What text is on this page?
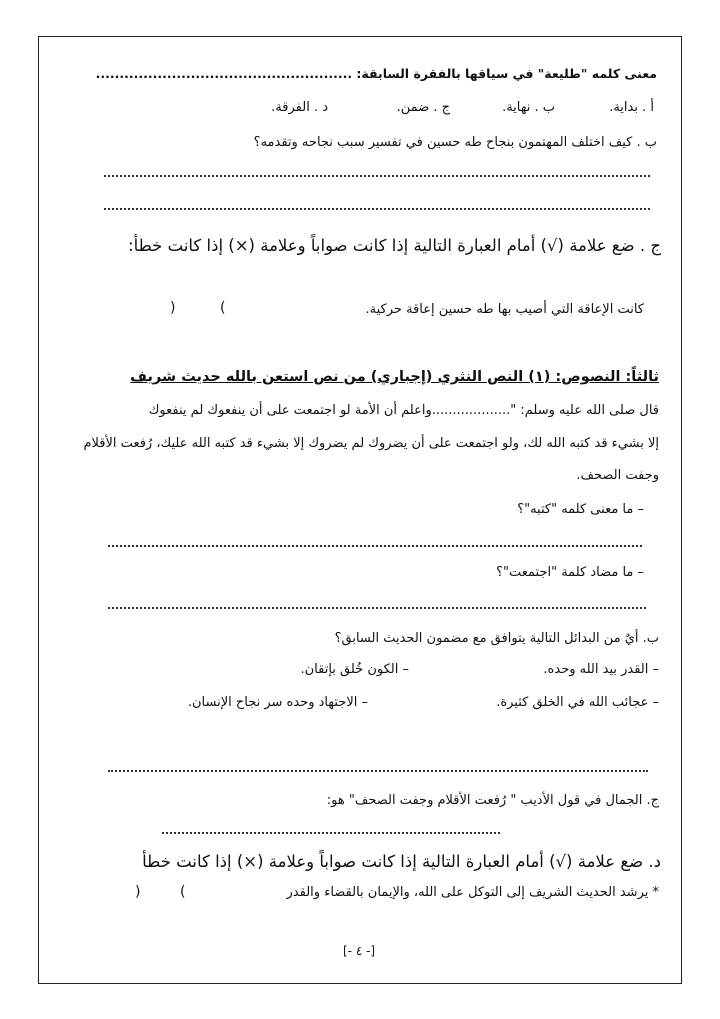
معنى كلمه "طليعة" في سياقها بالفقرة السابقة: ......................................................
أ . بداية.
ب . نهاية.
ج . ضمن.
د . الفرقة.
ب . كيف اختلف المهتمون بنجاح طه حسين في تفسير سبب نجاحه وتقدمه؟
ج . ضع علامة (√) أمام العبارة التالية إذا كانت صواباً وعلامة (×) إذا كانت خطأ:
كانت الإعاقة التي أصيب بها طه حسين إعاقة حركية.
(
)
ثالثاً: النصوص: (١) النص النثري (إجباري) من نص استعن بالله حديث شريف
قال صلى الله عليه وسلم: "...................واعلم أن الأمة لو اجتمعت على أن ينفعوك لم ينفعوك
إلا بشيء قد كتبه الله لك، ولو اجتمعت على أن يضروك لم يضروك إلا بشيء قد كتبه الله عليك، رُفعت الأقلام
وجفت الصحف.
– ما معنى كلمه "كتبه"؟
– ما مضاد كلمة "اجتمعت"؟
ب. أيٌ من البدائل التالية يتوافق مع مضمون الحديث السابق؟
– القدر بيد الله وحده.
– الكون خُلق بإتقان.
– عجائب الله في الخلق كثيرة.
– الاجتهاد وحده سر نجاح الإنسان.
ج. الجمال في قول الأديب " رُفعت الأقلام وجفت الصحف" هو:
د. ضع علامة (√) أمام العبارة التالية إذا كانت صواباً وعلامة (×) إذا كانت خطأ
* يرشد الحديث الشريف إلى التوكل على الله، والإيمان بالقضاء والقدر
(
)
[- ٤ -]
